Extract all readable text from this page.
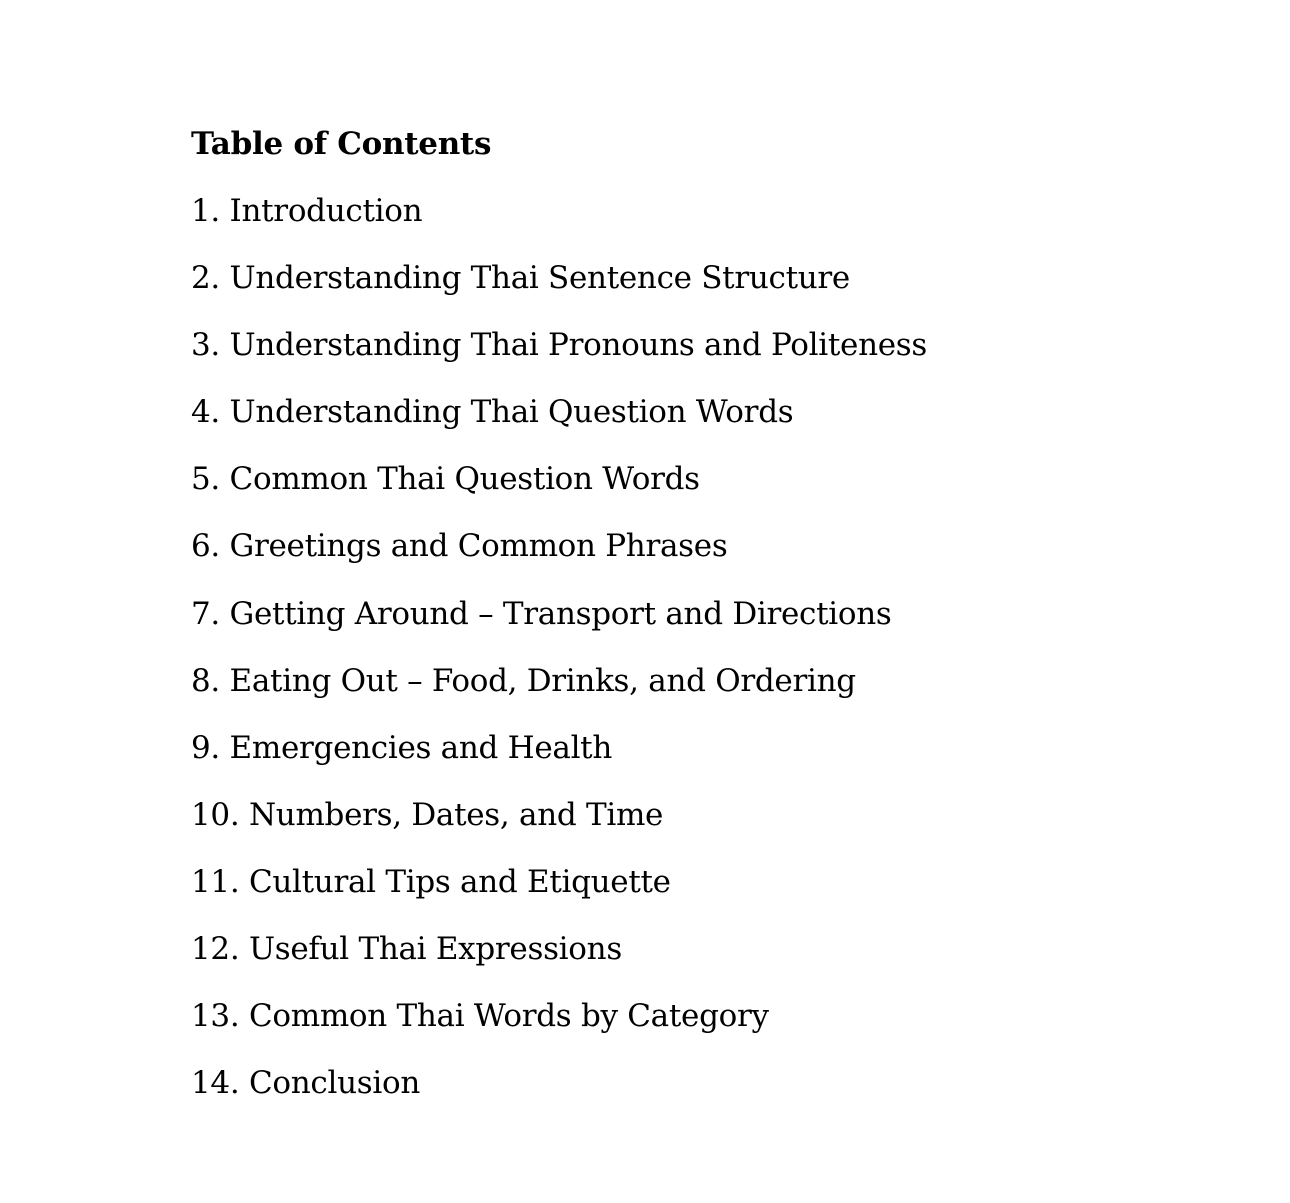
Table of Contents
1. Introduction
2. Understanding Thai Sentence Structure
3. Understanding Thai Pronouns and Politeness
4. Understanding Thai Question Words
5. Common Thai Question Words
6. Greetings and Common Phrases
7. Getting Around – Transport and Directions
8. Eating Out – Food, Drinks, and Ordering
9. Emergencies and Health
10. Numbers, Dates, and Time
11. Cultural Tips and Etiquette
12. Useful Thai Expressions
13. Common Thai Words by Category
14. Conclusion
